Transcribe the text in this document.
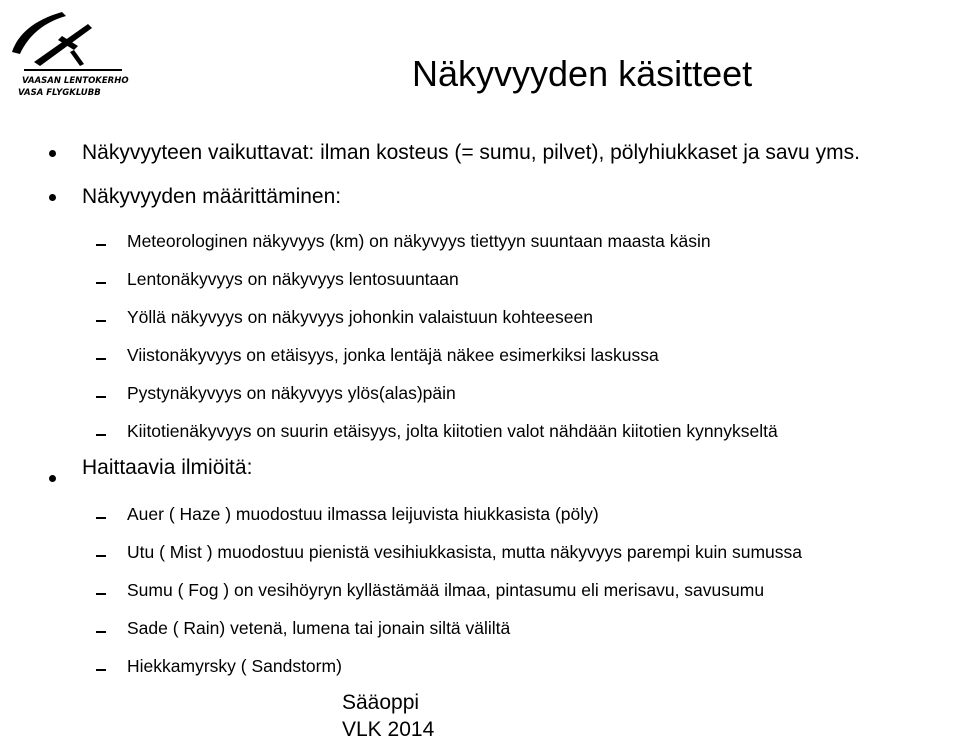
VAASAN LENTOKERHO
VASA FLYGKLUBB	Näkyvyyden käsitteet
Näkyvyyteen vaikuttavat: ilman kosteus (= sumu, pilvet), pölyhiukkaset ja savu yms.
Näkyvyyden määrittäminen:
Meteorologinen näkyvyys (km) on näkyvyys tiettyyn suuntaan maasta käsin
Lentonäkyvyys on näkyvyys lentosuuntaan
Yöllä näkyvyys on näkyvyys johonkin valaistuun kohteeseen
Viistonäkyvyys on etäisyys, jonka lentäjä näkee esimerkiksi laskussa
Pystynäkyvyys on näkyvyys ylös(alas)päin
Kiitotienäkyvyys on suurin etäisyys, jolta kiitotien valot nähdään kiitotien kynnykseltä
Haittaavia ilmiöitä:
Auer ( Haze ) muodostuu ilmassa leijuvista hiukkasista (pöly)
Utu ( Mist ) muodostuu pienistä vesihiukkasista, mutta näkyvyys parempi kuin sumussa
Sumu ( Fog ) on vesihöyryn kyllästämää ilmaa, pintasumu eli merisavu, savusumu
Sade ( Rain) vetenä, lumena tai jonain siltä väliltä
Hiekkamyrsky ( Sandstorm)
Sääoppi
VLK 2014
